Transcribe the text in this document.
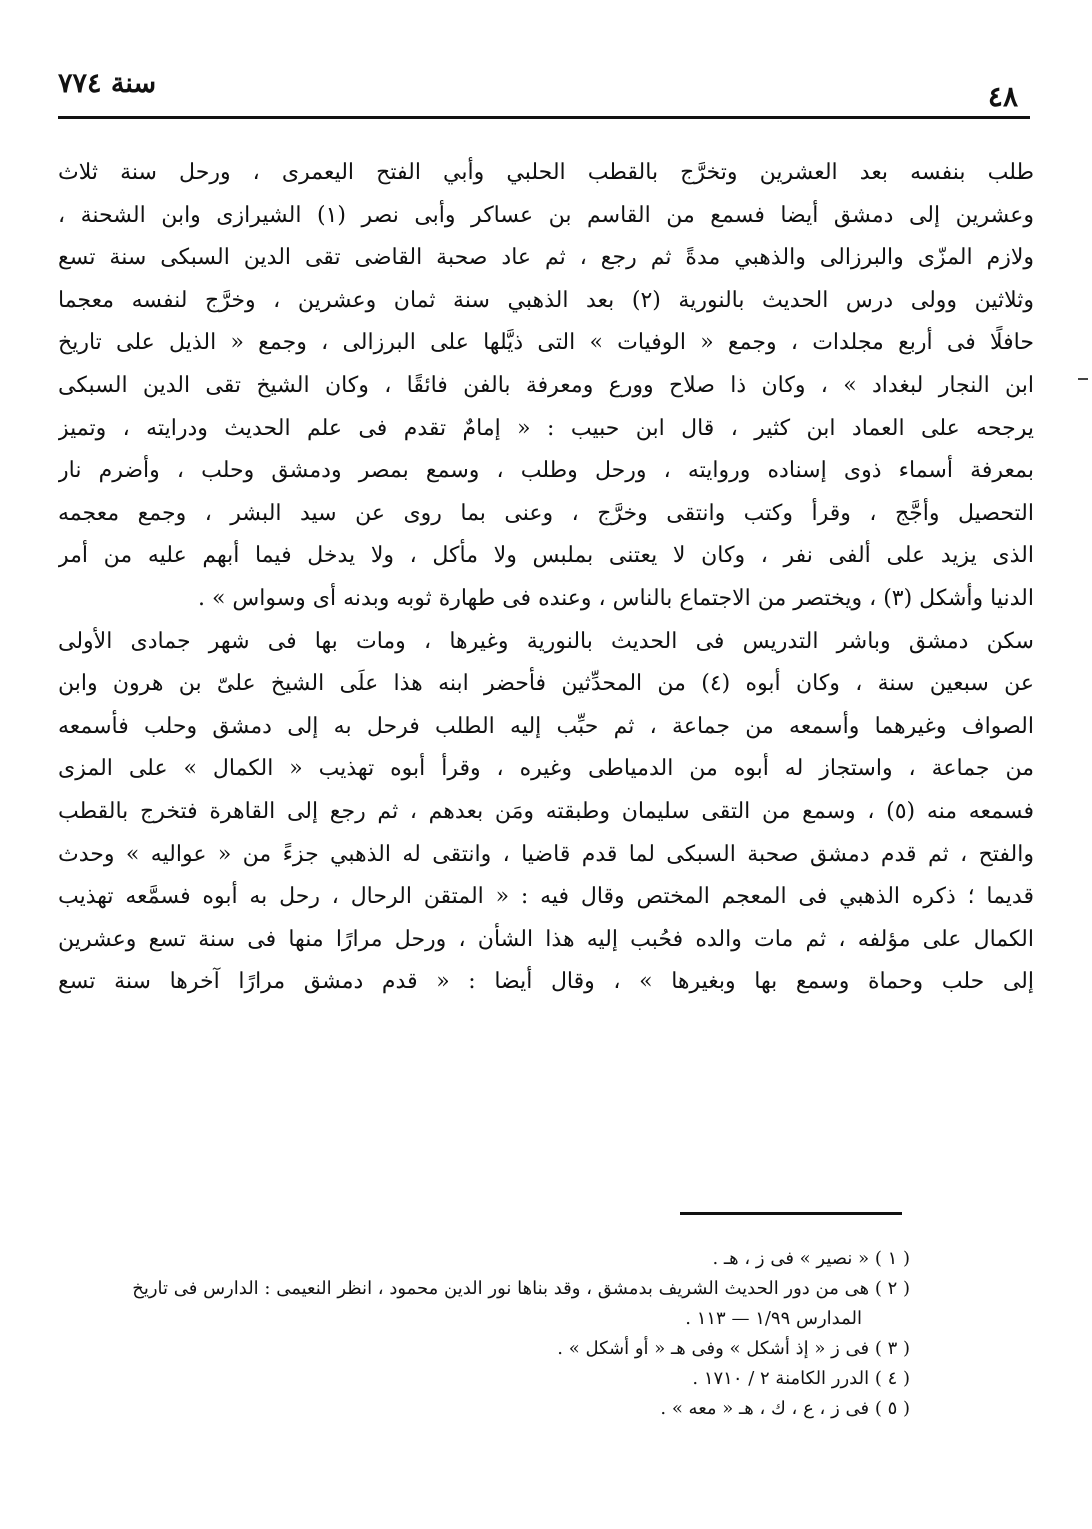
سنة ٧٧٤	٤٨
طلب بنفسه بعد العشرين وتخرَّج بالقطب الحلبي وأبي الفتح اليعمرى ، ورحل سنة ثلاث
وعشرين إلى دمشق أيضا فسمع من القاسم بن عساكر وأبى نصر (١) الشيرازى وابن الشحنة ،
ولازم المزّى والبرزالى والذهبي مدةً ثم رجع ، ثم عاد صحبة القاضى تقى الدين السبكى سنة تسع
وثلاثين وولى درس الحديث بالنورية (٢) بعد الذهبي سنة ثمان وعشرين ، وخرَّج لنفسه معجما
حافلًا فى أربع مجلدات ، وجمع « الوفيات » التى ذيَّلها على البرزالى ، وجمع « الذيل على تاريخ
ابن النجار لبغداد » ، وكان ذا صلاح وورع ومعرفة بالفن فائقًا ، وكان الشيخ تقى الدين السبكى
يرجحه على العماد ابن كثير ، قال ابن حبيب : « إمامٌ تقدم فى علم الحديث ودرايته ، وتميز
بمعرفة أسماء ذوى إسناده وروايته ، ورحل وطلب ، وسمع بمصر ودمشق وحلب ، وأضرم نار
التحصيل وأجَّج ، وقرأ وكتب وانتقى وخرَّج ، وعنى بما روى عن سيد البشر ، وجمع معجمه
الذى يزيد على ألفى نفر ، وكان لا يعتنى بملبس ولا مأكل ، ولا يدخل فيما أبهم عليه من أمر
الدنيا وأشكل (٣) ، ويختصر من الاجتماع بالناس ، وعنده فى طهارة ثوبه وبدنه أى وسواس » .
سكن دمشق وباشر التدريس فى الحديث بالنورية وغيرها ، ومات بها فى شهر جمادى الأولى
عن سبعين سنة ، وكان أبوه (٤) من المحدِّثين فأحضر ابنه هذا علَى الشيخ علىّ بن هرون وابن
الصواف وغيرهما وأسمعه من جماعة ، ثم حبِّب إليه الطلب فرحل به إلى دمشق وحلب فأسمعه
من جماعة ، واستجاز له أبوه من الدمياطى وغيره ، وقرأ أبوه تهذيب « الكمال » على المزى
فسمعه منه (٥) ، وسمع من التقى سليمان وطبقته ومَن بعدهم ، ثم رجع إلى القاهرة فتخرج بالقطب
والفتح ، ثم قدم دمشق صحبة السبكى لما قدم قاضيا ، وانتقى له الذهبي جزءً من « عواليه » وحدث
قديما ؛ ذكره الذهبي فى المعجم المختص وقال فيه : « المتقن الرحال ، رحل به أبوه فسمَّعه تهذيب
الكمال على مؤلفه ، ثم مات والده فحُبب إليه هذا الشأن ، ورحل مرارًا منها فى سنة تسع وعشرين
إلى حلب وحماة وسمع بها وبغيرها » ، وقال أيضا : « قدم دمشق مرارًا آخرها سنة تسع
( ١ ) « نصير » فى ز ، هـ .
( ٢ ) هى من دور الحديث الشريف بدمشق ، وقد بناها نور الدين محمود ، انظر النعيمى : الدارس فى تاريخ
المدارس ١/٩٩ — ١١٣ .
( ٣ ) فى ز « إذ أشكل » وفى هـ « أو أشكل » .
( ٤ ) الدرر الكامنة ٢ / ١٧١٠ .
( ٥ ) فى ز ، ع ، ك ، هـ « معه » .
